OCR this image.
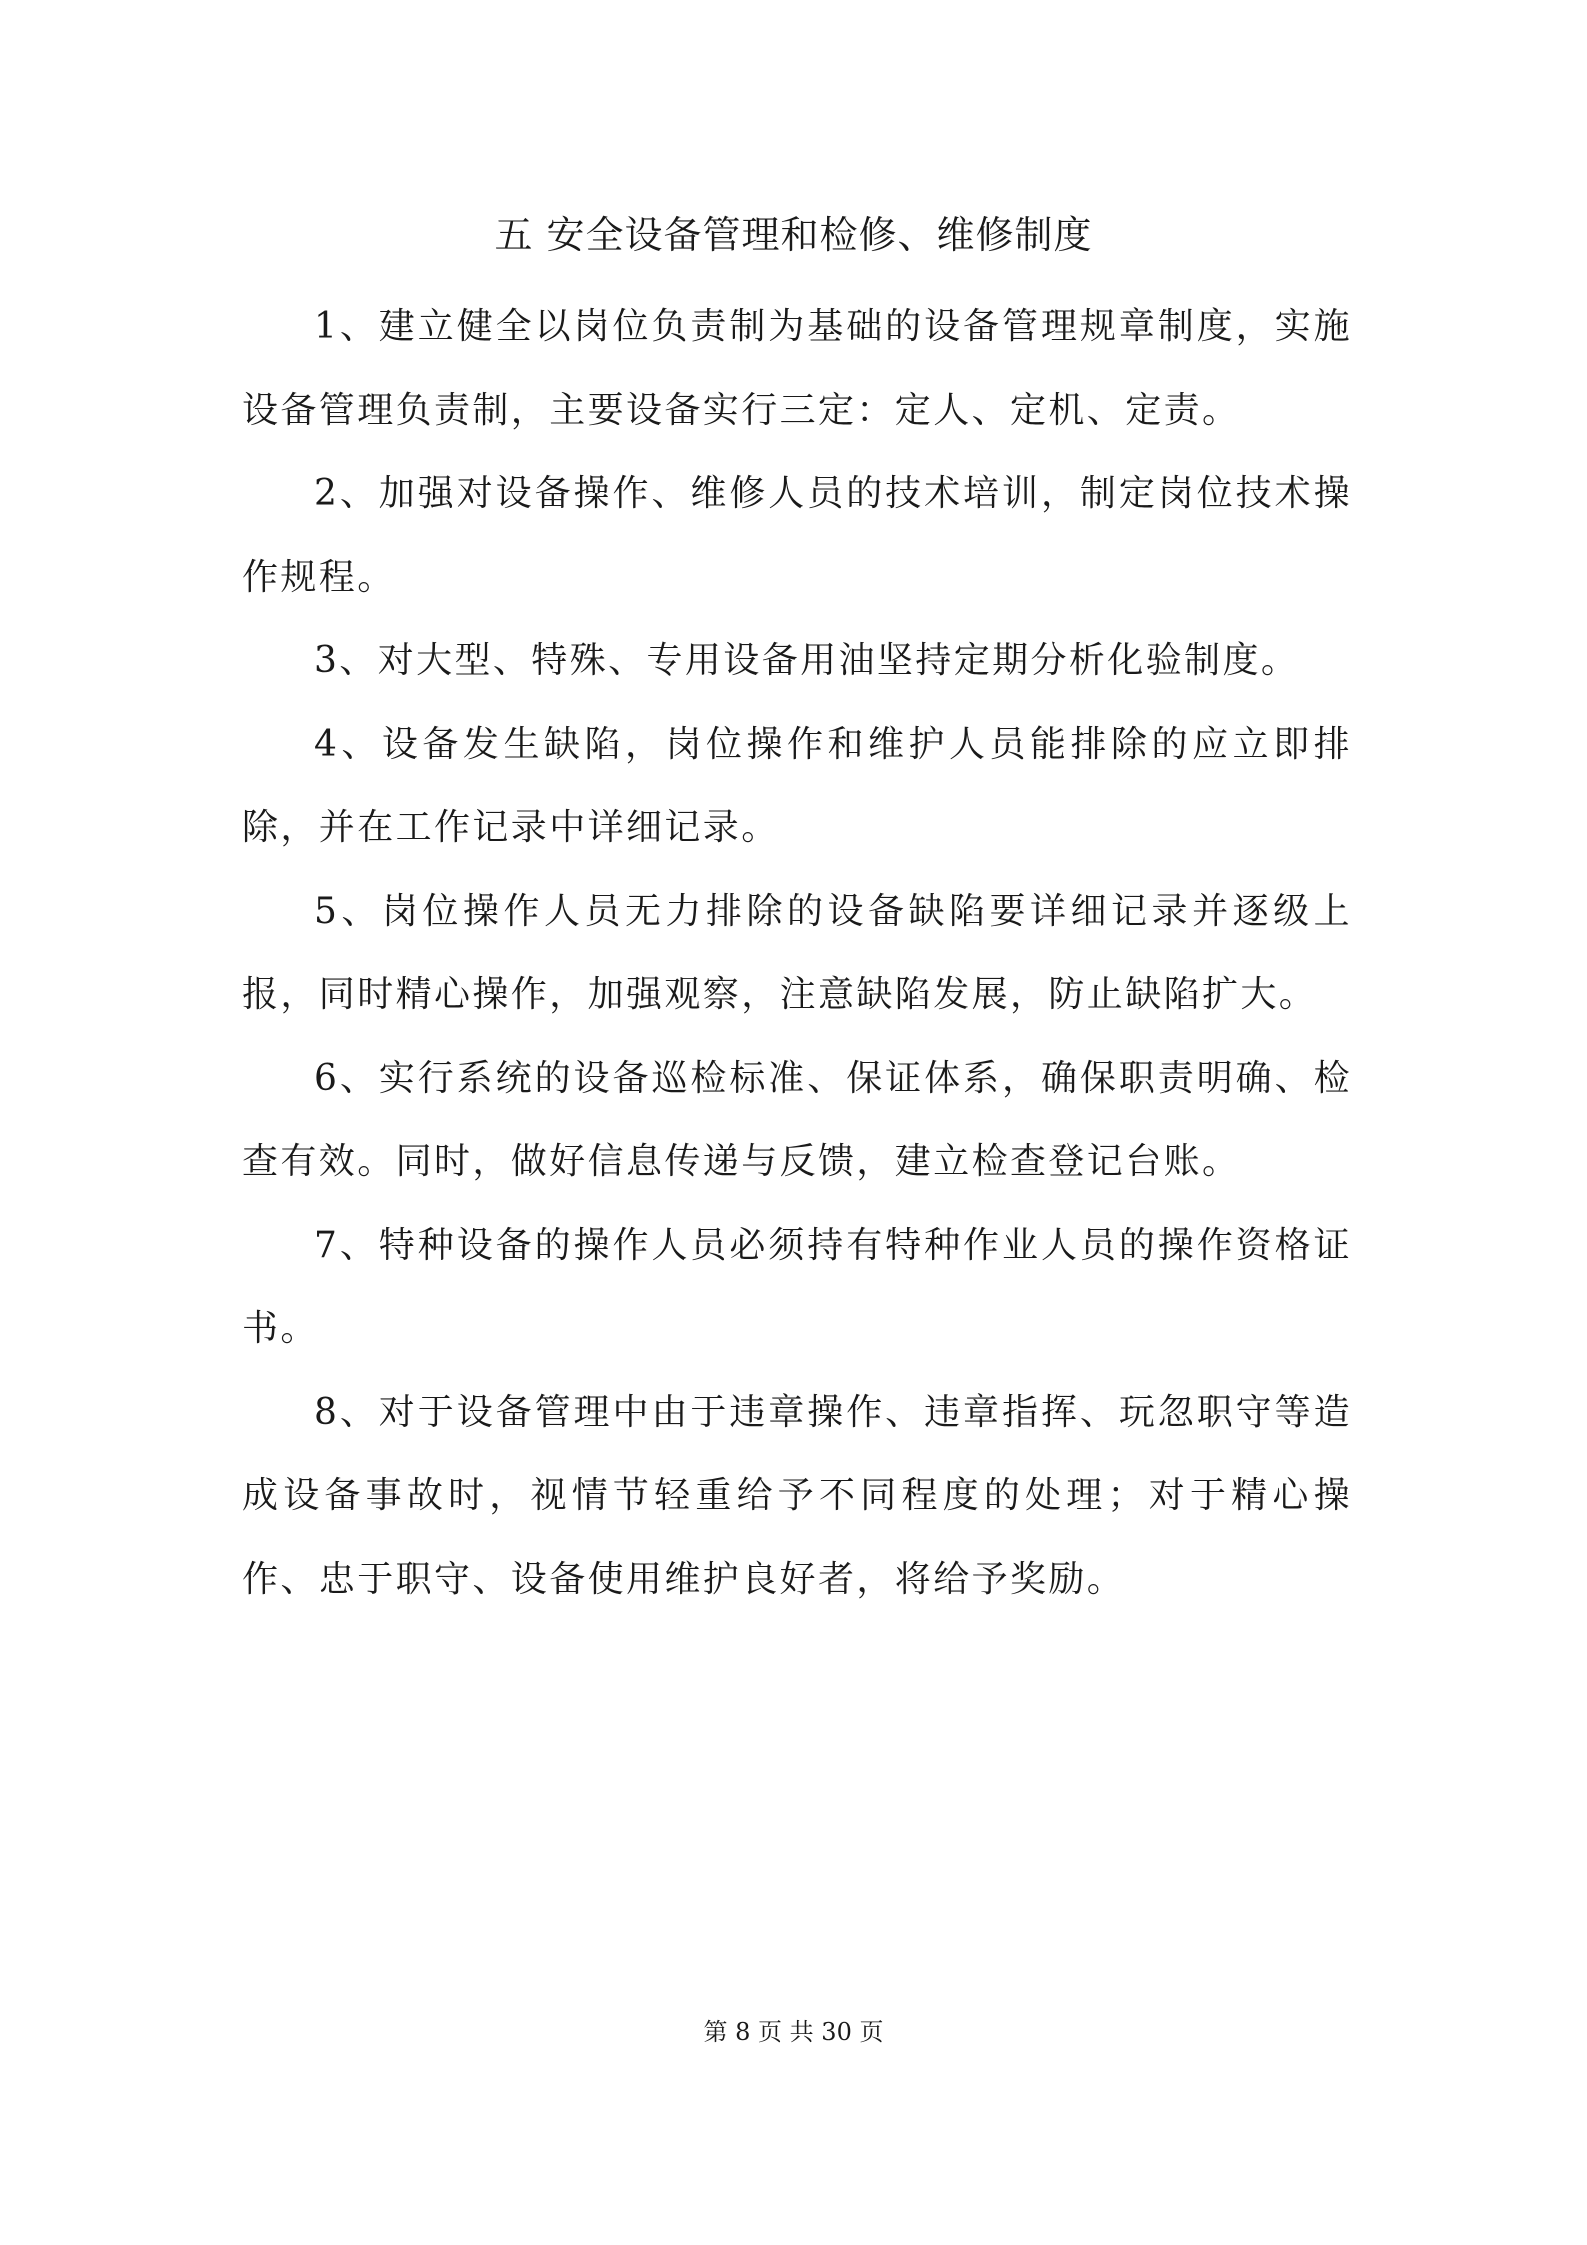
五 安全设备管理和检修、维修制度

1、建立健全以岗位负责制为基础的设备管理规章制度，实施设备管理负责制，主要设备实行三定：定人、定机、定责。

2、加强对设备操作、维修人员的技术培训，制定岗位技术操作规程。

3、对大型、特殊、专用设备用油坚持定期分析化验制度。

4、设备发生缺陷，岗位操作和维护人员能排除的应立即排除，并在工作记录中详细记录。

5、岗位操作人员无力排除的设备缺陷要详细记录并逐级上报，同时精心操作，加强观察，注意缺陷发展，防止缺陷扩大。

6、实行系统的设备巡检标准、保证体系，确保职责明确、检查有效。同时，做好信息传递与反馈，建立检查登记台账。

7、特种设备的操作人员必须持有特种作业人员的操作资格证书。

8、对于设备管理中由于违章操作、违章指挥、玩忽职守等造成设备事故时，视情节轻重给予不同程度的处理；对于精心操作、忠于职守、设备使用维护良好者，将给予奖励。

第 8 页 共 30 页
